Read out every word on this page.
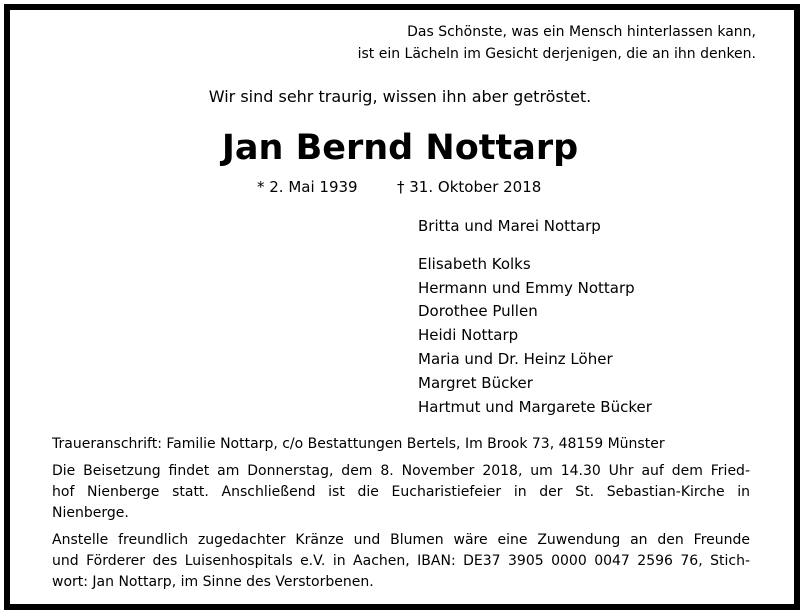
Das Schönste, was ein Mensch hinterlassen kann,
ist ein Lächeln im Gesicht derjenigen, die an ihn denken.
Wir sind sehr traurig, wissen ihn aber getröstet.
Jan Bernd Nottarp
* 2. Mai 1939	† 31. Oktober 2018
Britta und Marei Nottarp
Elisabeth Kolks
Hermann und Emmy Nottarp
Dorothee Pullen
Heidi Nottarp
Maria und Dr. Heinz Löher
Margret Bücker
Hartmut und Margarete Bücker

Traueranschrift: Familie Nottarp, c/o Bestattungen Bertels, Im Brook 73, 48159 Münster

Die Beisetzung findet am Donnerstag, dem 8. November 2018, um 14.30 Uhr auf dem Fried-
hof Nienberge statt. Anschließend ist die Eucharistiefeier in der St. Sebastian-Kirche in
Nienberge.

Anstelle freundlich zugedachter Kränze und Blumen wäre eine Zuwendung an den Freunde
und Förderer des Luisenhospitals e.V. in Aachen, IBAN: DE37 3905 0000 0047 2596 76, Stich-
wort: Jan Nottarp, im Sinne des Verstorbenen.
